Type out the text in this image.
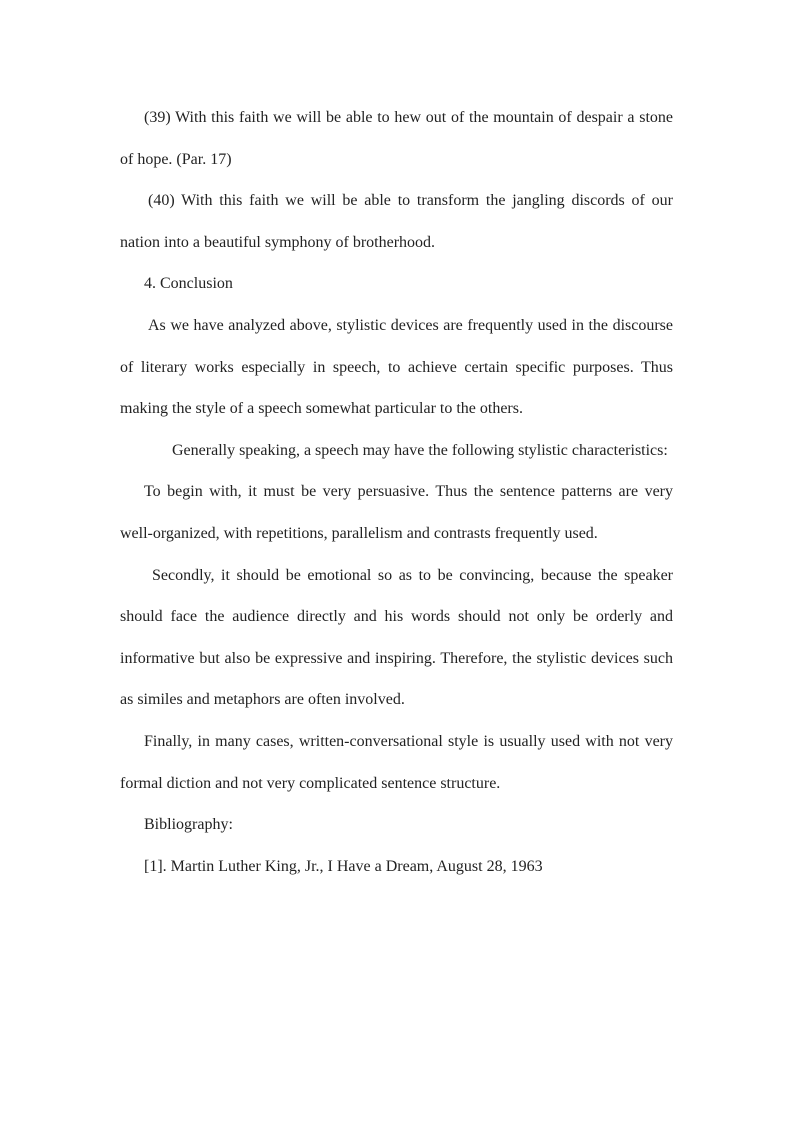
(39) With this faith we will be able to hew out of the mountain of despair a stone of hope. (Par. 17)

(40) With this faith we will be able to transform the jangling discords of our nation into a beautiful symphony of brotherhood.

4. Conclusion

As we have analyzed above, stylistic devices are frequently used in the discourse of literary works especially in speech, to achieve certain specific purposes. Thus making the style of a speech somewhat particular to the others.

Generally speaking, a speech may have the following stylistic characteristics:

To begin with, it must be very persuasive. Thus the sentence patterns are very well-organized, with repetitions, parallelism and contrasts frequently used.

Secondly, it should be emotional so as to be convincing, because the speaker should face the audience directly and his words should not only be orderly and informative but also be expressive and inspiring. Therefore, the stylistic devices such as similes and metaphors are often involved.

Finally, in many cases, written-conversational style is usually used with not very formal diction and not very complicated sentence structure.

Bibliography:

[1]. Martin Luther King, Jr., I Have a Dream, August 28, 1963
